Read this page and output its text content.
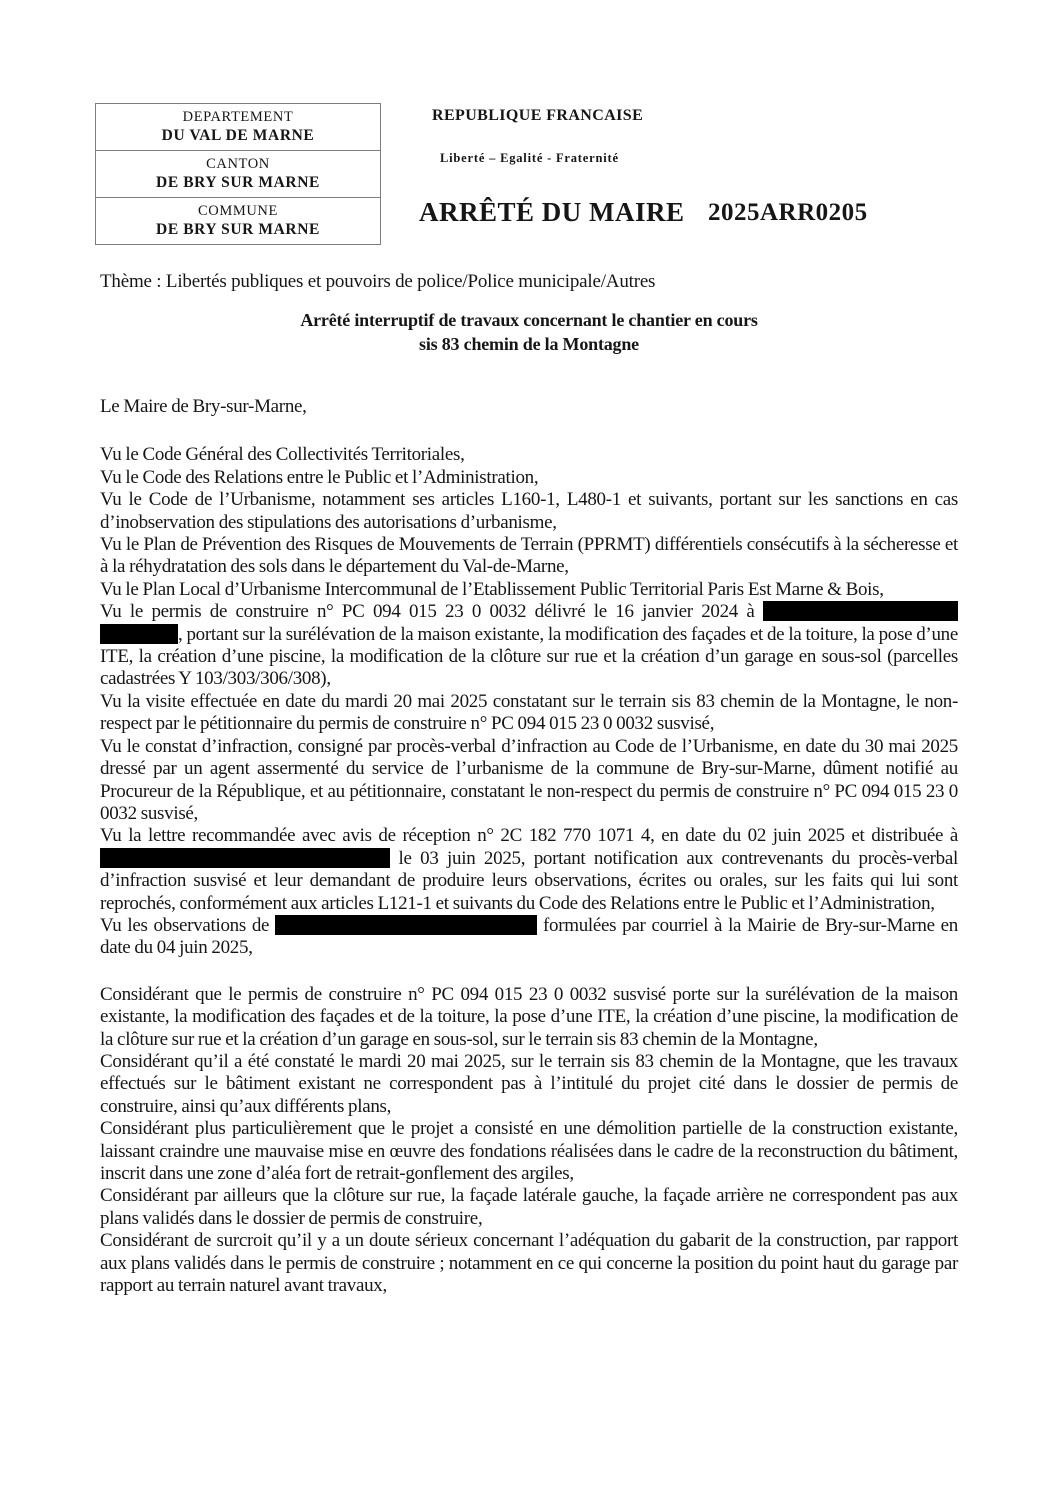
DEPARTEMENT
DU VAL DE MARNE
CANTON
DE BRY SUR MARNE
COMMUNE
DE BRY SUR MARNE
REPUBLIQUE FRANCAISE
Liberté – Egalité - Fraternité
ARRÊTÉ DU MAIRE 2025ARR0205
Thème : Libertés publiques et pouvoirs de police/Police municipale/Autres
Arrêté interruptif de travaux concernant le chantier en cours
sis 83 chemin de la Montagne

Le Maire de Bry-sur-Marne,

Vu le Code Général des Collectivités Territoriales,

Vu le Code des Relations entre le Public et l’Administration,

Vu le Code de l’Urbanisme, notamment ses articles L160-1, L480-1 et suivants, portant sur les sanctions en cas d’inobservation des stipulations des autorisations d’urbanisme,

Vu le Plan de Prévention des Risques de Mouvements de Terrain (PPRMT) différentiels consécutifs à la sécheresse et à la réhydratation des sols dans le département du Val-de-Marne,

Vu le Plan Local d’Urbanisme Intercommunal de l’Etablissement Public Territorial Paris Est Marne & Bois,

Vu le permis de construire n° PC 094 015 23 0 0032 délivré le 16 janvier 2024 à  , portant sur la surélévation de la maison existante, la modification des façades et de la toiture, la pose d’une ITE, la création d’une piscine, la modification de la clôture sur rue et la création d’un garage en sous-sol (parcelles cadastrées Y 103/303/306/308),

Vu la visite effectuée en date du mardi 20 mai 2025 constatant sur le terrain sis 83 chemin de la Montagne, le non-respect par le pétitionnaire du permis de construire n° PC 094 015 23 0 0032 susvisé,

Vu le constat d’infraction, consigné par procès-verbal d’infraction au Code de l’Urbanisme, en date du 30 mai 2025 dressé par un agent assermenté du service de l’urbanisme de la commune de Bry-sur-Marne, dûment notifié au Procureur de la République, et au pétitionnaire, constatant le non-respect du permis de construire n° PC 094 015 23 0 0032 susvisé,

Vu la lettre recommandée avec avis de réception n° 2C 182 770 1071 4, en date du 02 juin 2025 et distribuée à  le 03 juin 2025, portant notification aux contrevenants du procès-verbal d’infraction susvisé et leur demandant de produire leurs observations, écrites ou orales, sur les faits qui lui sont reprochés, conformément aux articles L121-1 et suivants du Code des Relations entre le Public et l’Administration,

Vu les observations de	formulées par courriel à la Mairie de Bry-sur-Marne en date du 04 juin 2025,

Considérant que le permis de construire n° PC 094 015 23 0 0032 susvisé porte sur la surélévation de la maison existante, la modification des façades et de la toiture, la pose d’une ITE, la création d’une piscine, la modification de la clôture sur rue et la création d’un garage en sous-sol, sur le terrain sis 83 chemin de la Montagne,

Considérant qu’il a été constaté le mardi 20 mai 2025, sur le terrain sis 83 chemin de la Montagne, que les travaux effectués sur le bâtiment existant ne correspondent pas à l’intitulé du projet cité dans le dossier de permis de construire, ainsi qu’aux différents plans,

Considérant plus particulièrement que le projet a consisté en une démolition partielle de la construction existante, laissant craindre une mauvaise mise en œuvre des fondations réalisées dans le cadre de la reconstruction du bâtiment, inscrit dans une zone d’aléa fort de retrait-gonflement des argiles,

Considérant par ailleurs que la clôture sur rue, la façade latérale gauche, la façade arrière ne correspondent pas aux plans validés dans le dossier de permis de construire,

Considérant de surcroit qu’il y a un doute sérieux concernant l’adéquation du gabarit de la construction, par rapport aux plans validés dans le permis de construire ; notamment en ce qui concerne la position du point haut du garage par rapport au terrain naturel avant travaux,
